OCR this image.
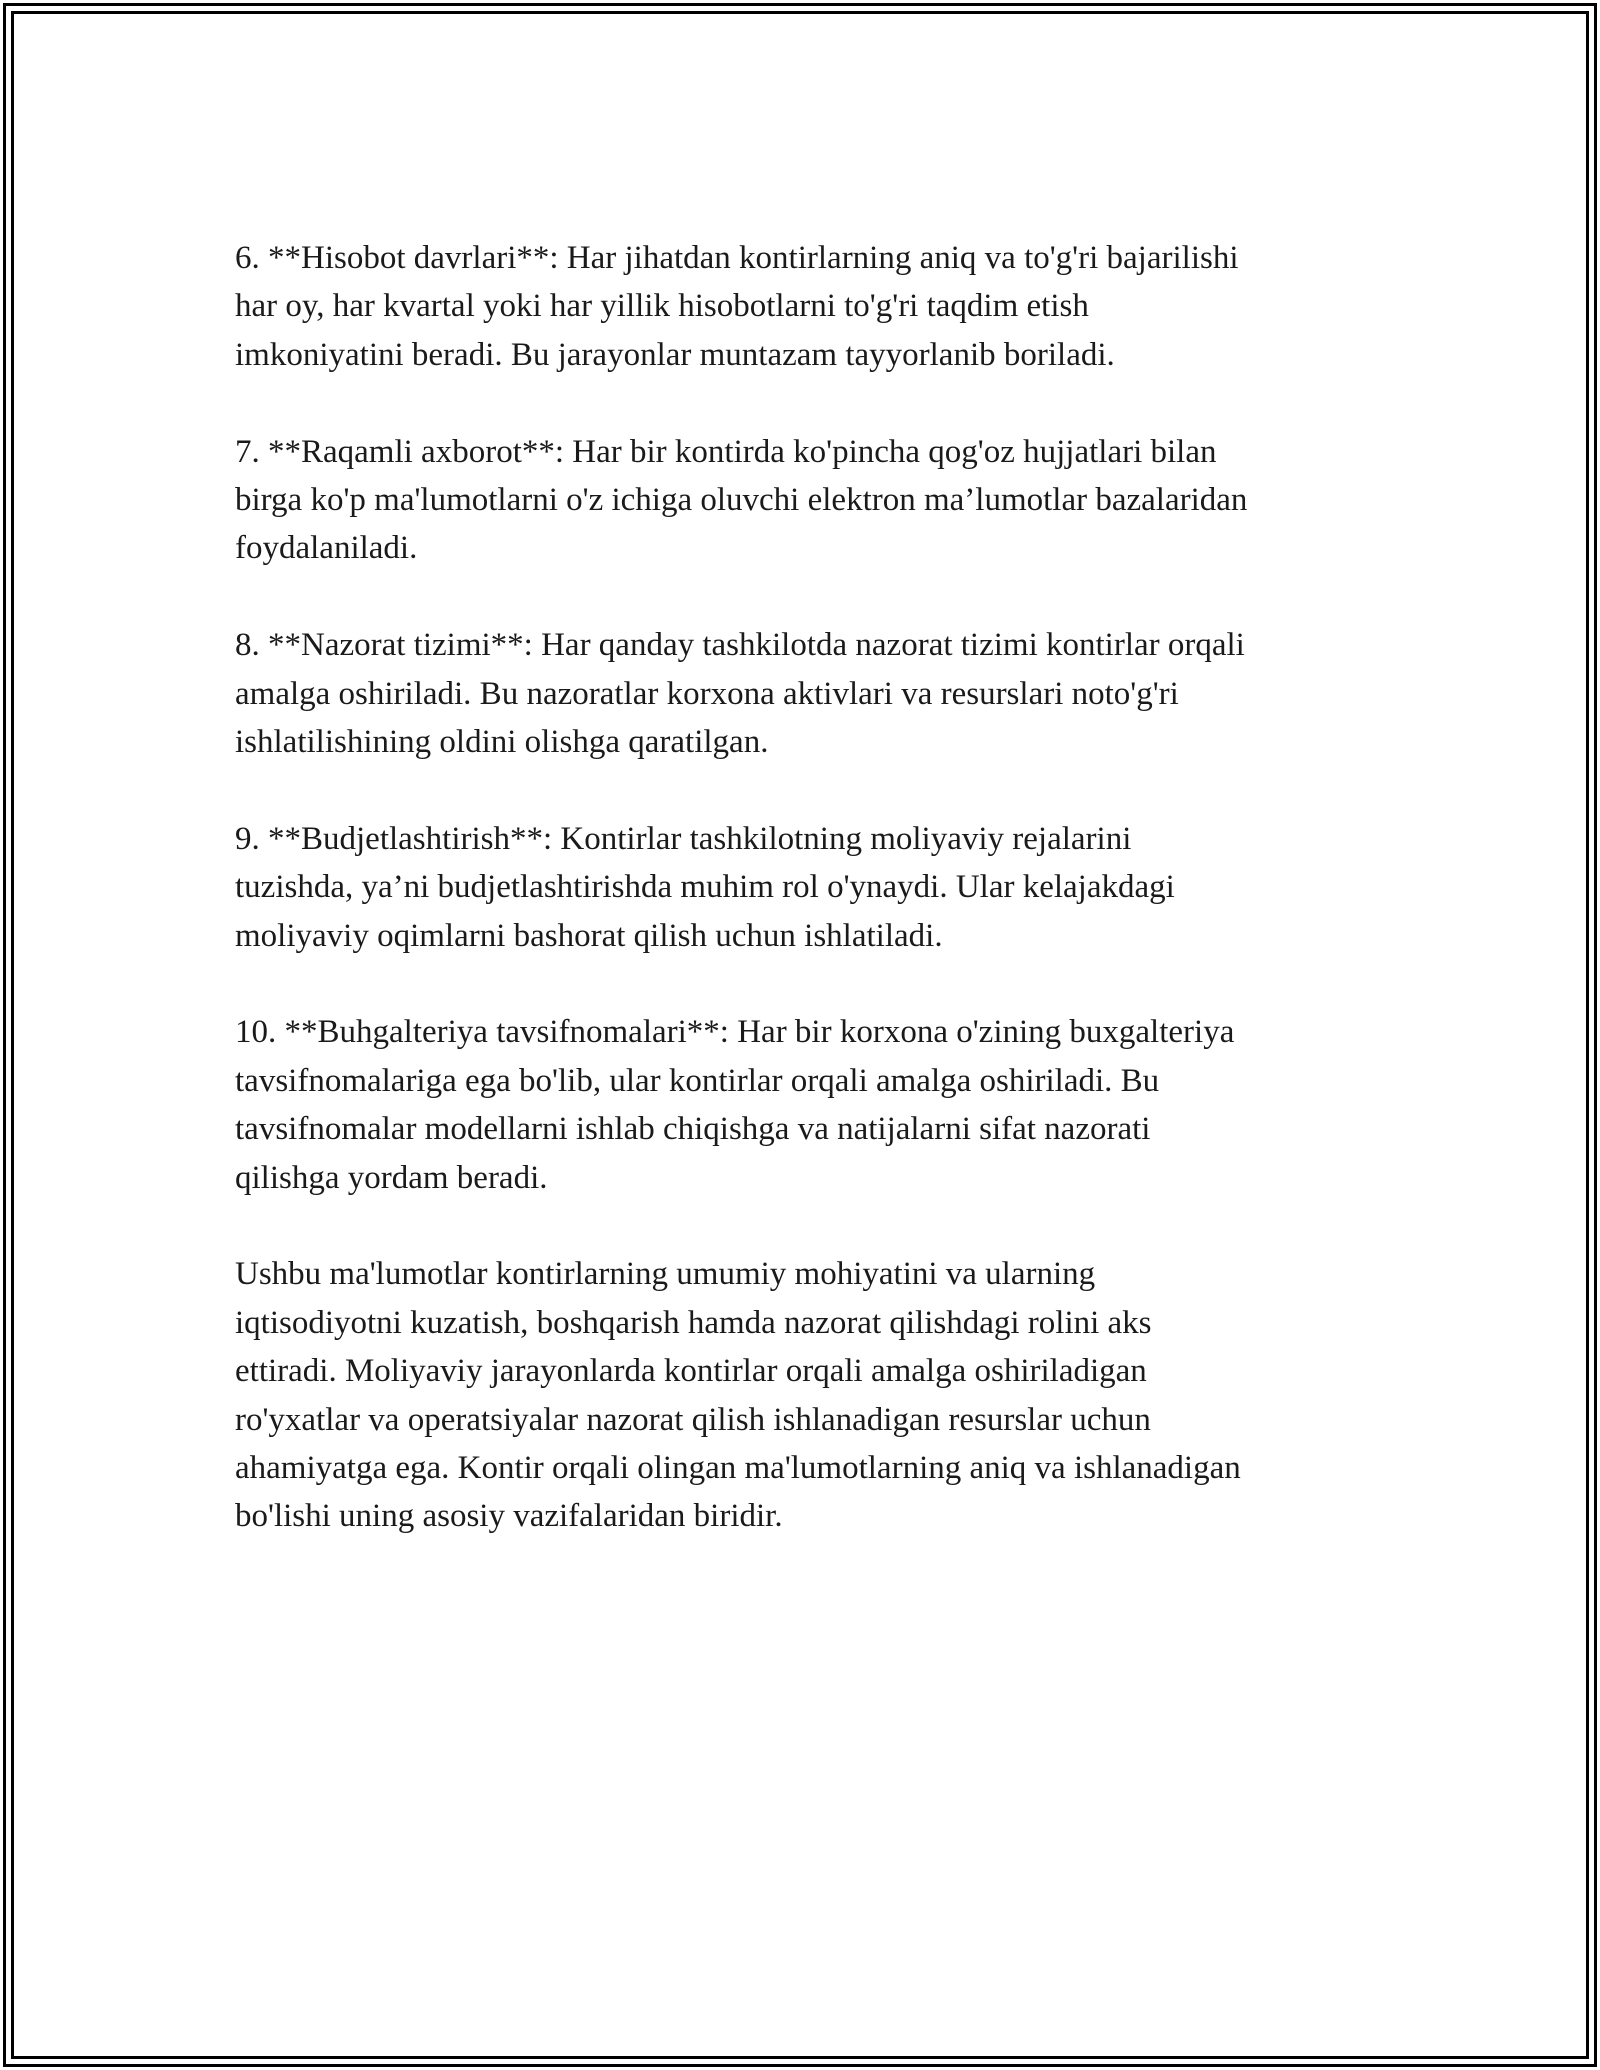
6. **Hisobot davrlari**: Har jihatdan kontirlarning aniq va to'g'ri bajarilishi
har oy, har kvartal yoki har yillik hisobotlarni to'g'ri taqdim etish
imkoniyatini beradi. Bu jarayonlar muntazam tayyorlanib boriladi.

7. **Raqamli axborot**: Har bir kontirda ko'pincha qog'oz hujjatlari bilan
birga ko'p ma'lumotlarni o'z ichiga oluvchi elektron ma’lumotlar bazalaridan
foydalaniladi.

8. **Nazorat tizimi**: Har qanday tashkilotda nazorat tizimi kontirlar orqali
amalga oshiriladi. Bu nazoratlar korxona aktivlari va resurslari noto'g'ri
ishlatilishining oldini olishga qaratilgan.

9. **Budjetlashtirish**: Kontirlar tashkilotning moliyaviy rejalarini
tuzishda, ya’ni budjetlashtirishda muhim rol o'ynaydi. Ular kelajakdagi
moliyaviy oqimlarni bashorat qilish uchun ishlatiladi.

10. **Buhgalteriya tavsifnomalari**: Har bir korxona o'zining buxgalteriya
tavsifnomalariga ega bo'lib, ular kontirlar orqali amalga oshiriladi. Bu
tavsifnomalar modellarni ishlab chiqishga va natijalarni sifat nazorati
qilishga yordam beradi.

Ushbu ma'lumotlar kontirlarning umumiy mohiyatini va ularning
iqtisodiyotni kuzatish, boshqarish hamda nazorat qilishdagi rolini aks
ettiradi. Moliyaviy jarayonlarda kontirlar orqali amalga oshiriladigan
ro'yxatlar va operatsiyalar nazorat qilish ishlanadigan resurslar uchun
ahamiyatga ega. Kontir orqali olingan ma'lumotlarning aniq va ishlanadigan
bo'lishi uning asosiy vazifalaridan biridir.
